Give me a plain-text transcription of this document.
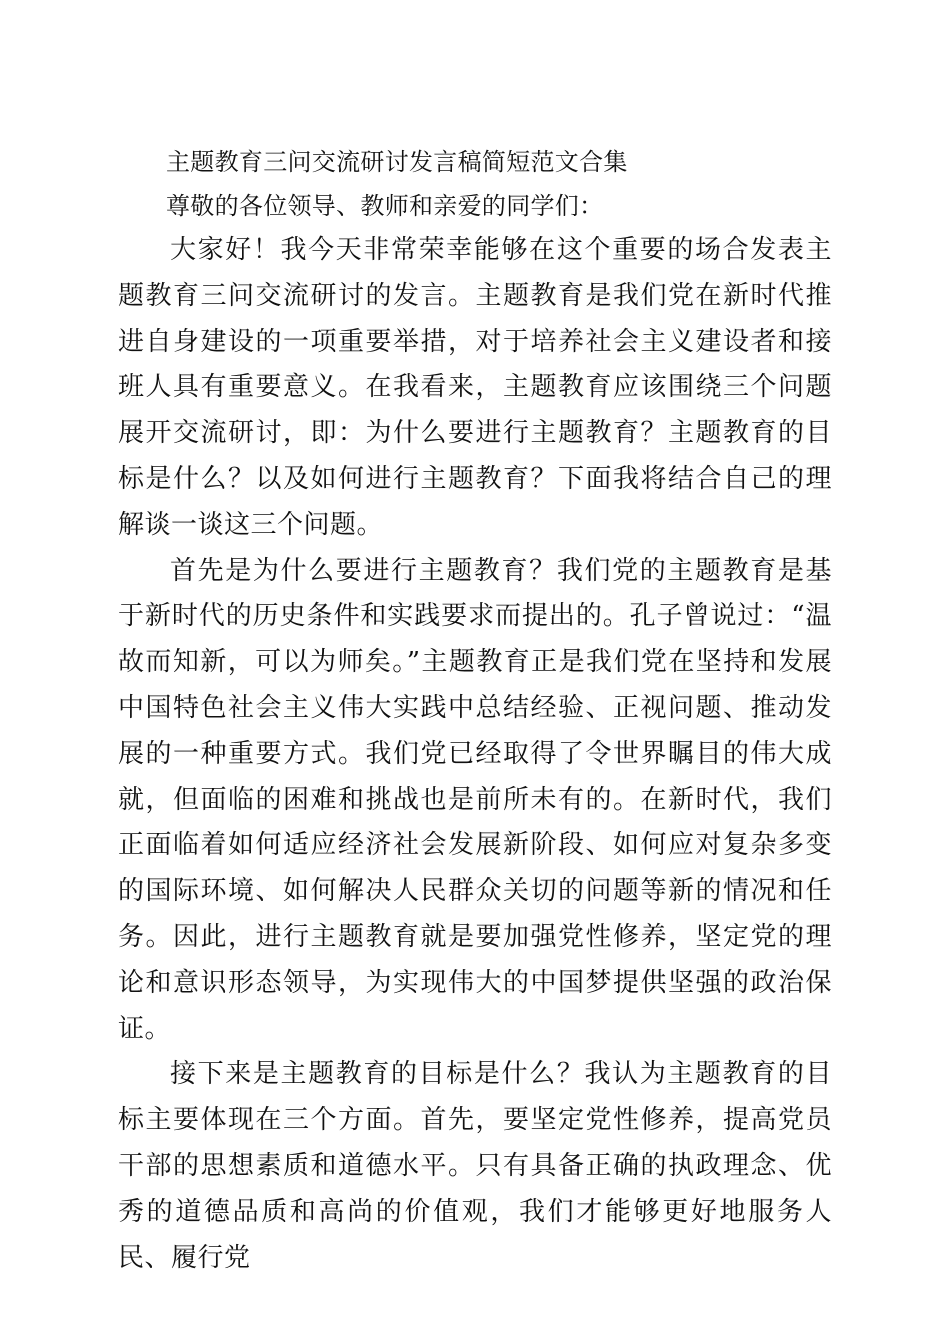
主题教育三问交流研讨发言稿简短范文合集

尊敬的各位领导、教师和亲爱的同学们：

大家好！我今天非常荣幸能够在这个重要的场合发表主题教育三问交流研讨的发言。主题教育是我们党在新时代推进自身建设的一项重要举措，对于培养社会主义建设者和接班人具有重要意义。在我看来，主题教育应该围绕三个问题展开交流研讨，即：为什么要进行主题教育？主题教育的目标是什么？以及如何进行主题教育？下面我将结合自己的理解谈一谈这三个问题。

首先是为什么要进行主题教育？我们党的主题教育是基于新时代的历史条件和实践要求而提出的。孔子曾说过：“温故而知新，可以为师矣。”主题教育正是我们党在坚持和发展中国特色社会主义伟大实践中总结经验、正视问题、推动发展的一种重要方式。我们党已经取得了令世界瞩目的伟大成就，但面临的困难和挑战也是前所未有的。在新时代，我们正面临着如何适应经济社会发展新阶段、如何应对复杂多变的国际环境、如何解决人民群众关切的问题等新的情况和任务。因此，进行主题教育就是要加强党性修养，坚定党的理论和意识形态领导，为实现伟大的中国梦提供坚强的政治保证。

接下来是主题教育的目标是什么？我认为主题教育的目标主要体现在三个方面。首先，要坚定党性修养，提高党员干部的思想素质和道德水平。只有具备正确的执政理念、优秀的道德品质和高尚的价值观，我们才能够更好地服务人民、履行党
